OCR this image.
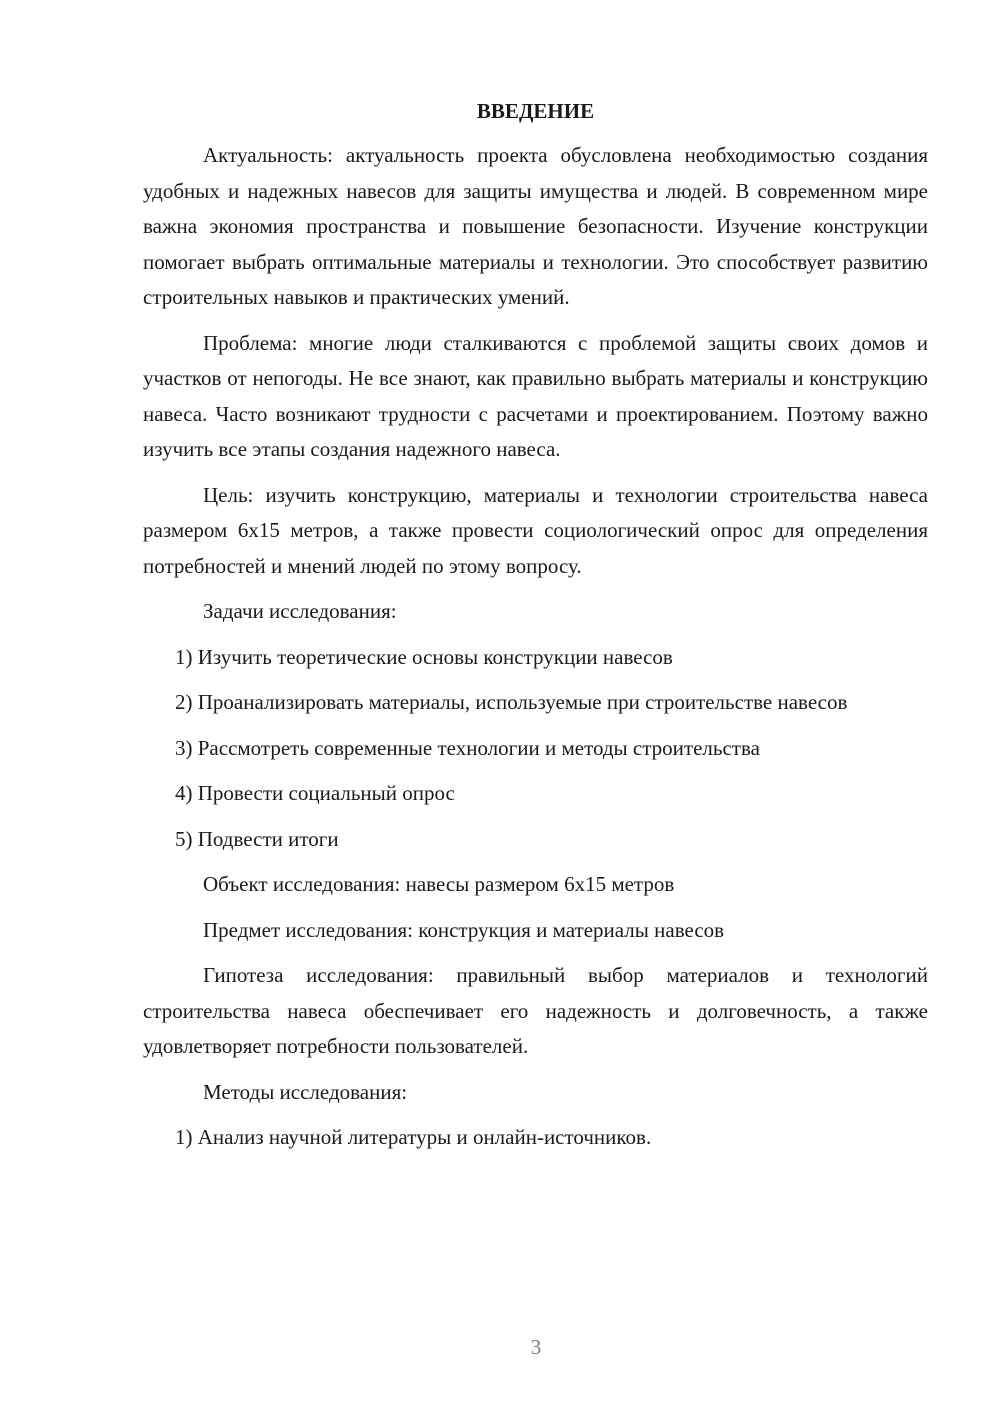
ВВЕДЕНИЕ

Актуальность: актуальность проекта обусловлена необходимостью создания удобных и надежных навесов для защиты имущества и людей. В современном мире важна экономия пространства и повышение безопасности. Изучение конструкции помогает выбрать оптимальные материалы и технологии. Это способствует развитию строительных навыков и практических умений.

Проблема: многие люди сталкиваются с проблемой защиты своих домов и участков от непогоды. Не все знают, как правильно выбрать материалы и конструкцию навеса. Часто возникают трудности с расчетами и проектированием. Поэтому важно изучить все этапы создания надежного навеса.

Цель: изучить конструкцию, материалы и технологии строительства навеса размером 6х15 метров, а также провести социологический опрос для определения потребностей и мнений людей по этому вопросу.

Задачи исследования:

1) Изучить теоретические основы конструкции навесов

2) Проанализировать материалы, используемые при строительстве навесов

3) Рассмотреть современные технологии и методы строительства

4) Провести социальный опрос

5) Подвести итоги

Объект исследования: навесы размером 6х15 метров

Предмет исследования: конструкция и материалы навесов

Гипотеза исследования: правильный выбор материалов и технологий строительства навеса обеспечивает его надежность и долговечность, а также удовлетворяет потребности пользователей.

Методы исследования:

1) Анализ научной литературы и онлайн-источников.

3
